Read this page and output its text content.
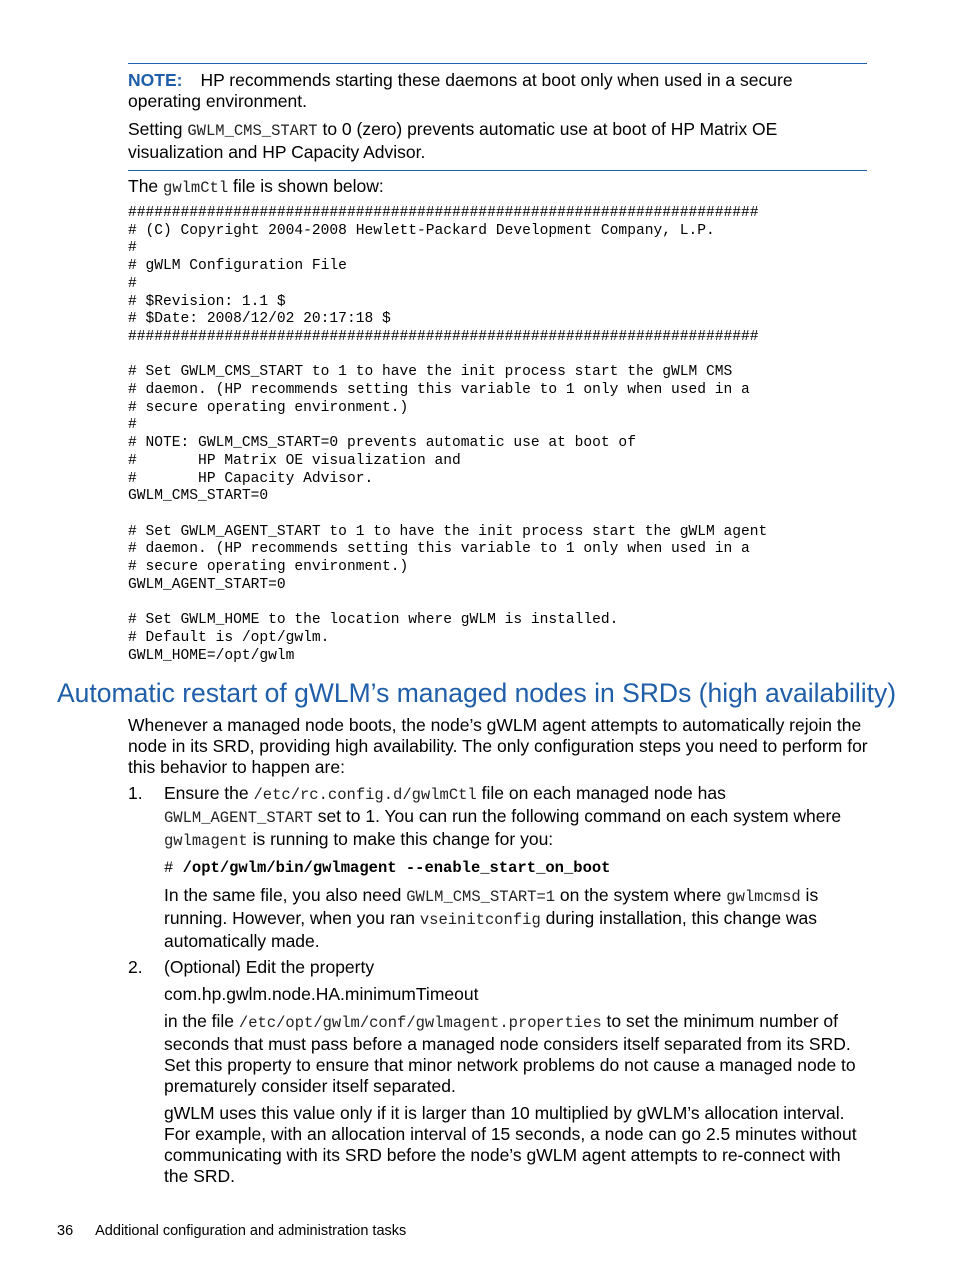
NOTE: HP recommends starting these daemons at boot only when used in a secure operating environment.

Setting GWLM_CMS_START to 0 (zero) prevents automatic use at boot of HP Matrix OE visualization and HP Capacity Advisor.

The gwlmCtl file is shown below:

########################################################################
# (C) Copyright 2004-2008 Hewlett-Packard Development Company, L.P.
#
# gWLM Configuration File
#
# $Revision: 1.1 $
# $Date: 2008/12/02 20:17:18 $
########################################################################

# Set GWLM_CMS_START to 1 to have the init process start the gWLM CMS
# daemon. (HP recommends setting this variable to 1 only when used in a
# secure operating environment.)
#
# NOTE: GWLM_CMS_START=0 prevents automatic use at boot of
#       HP Matrix OE visualization and
#       HP Capacity Advisor.
GWLM_CMS_START=0

# Set GWLM_AGENT_START to 1 to have the init process start the gWLM agent
# daemon. (HP recommends setting this variable to 1 only when used in a
# secure operating environment.)
GWLM_AGENT_START=0

# Set GWLM_HOME to the location where gWLM is installed.
# Default is /opt/gwlm.
GWLM_HOME=/opt/gwlm
Automatic restart of gWLM’s managed nodes in SRDs (high availability)

Whenever a managed node boots, the node’s gWLM agent attempts to automatically rejoin the node in its SRD, providing high availability. The only configuration steps you need to perform for this behavior to happen are:

1. Ensure the /etc/rc.config.d/gwlmCtl file on each managed node has GWLM_AGENT_START set to 1. You can run the following command on each system where gwlmagent is running to make this change for you:

# /opt/gwlm/bin/gwlmagent --enable_start_on_boot

In the same file, you also need GWLM_CMS_START=1 on the system where gwlmcmsd is running. However, when you ran vseinitconfig during installation, this change was automatically made.

2. (Optional) Edit the property

com.hp.gwlm.node.HA.minimumTimeout

in the file /etc/opt/gwlm/conf/gwlmagent.properties to set the minimum number of seconds that must pass before a managed node considers itself separated from its SRD. Set this property to ensure that minor network problems do not cause a managed node to prematurely consider itself separated.

gWLM uses this value only if it is larger than 10 multiplied by gWLM’s allocation interval. For example, with an allocation interval of 15 seconds, a node can go 2.5 minutes without communicating with its SRD before the node’s gWLM agent attempts to re-connect with the SRD.

36 Additional configuration and administration tasks
